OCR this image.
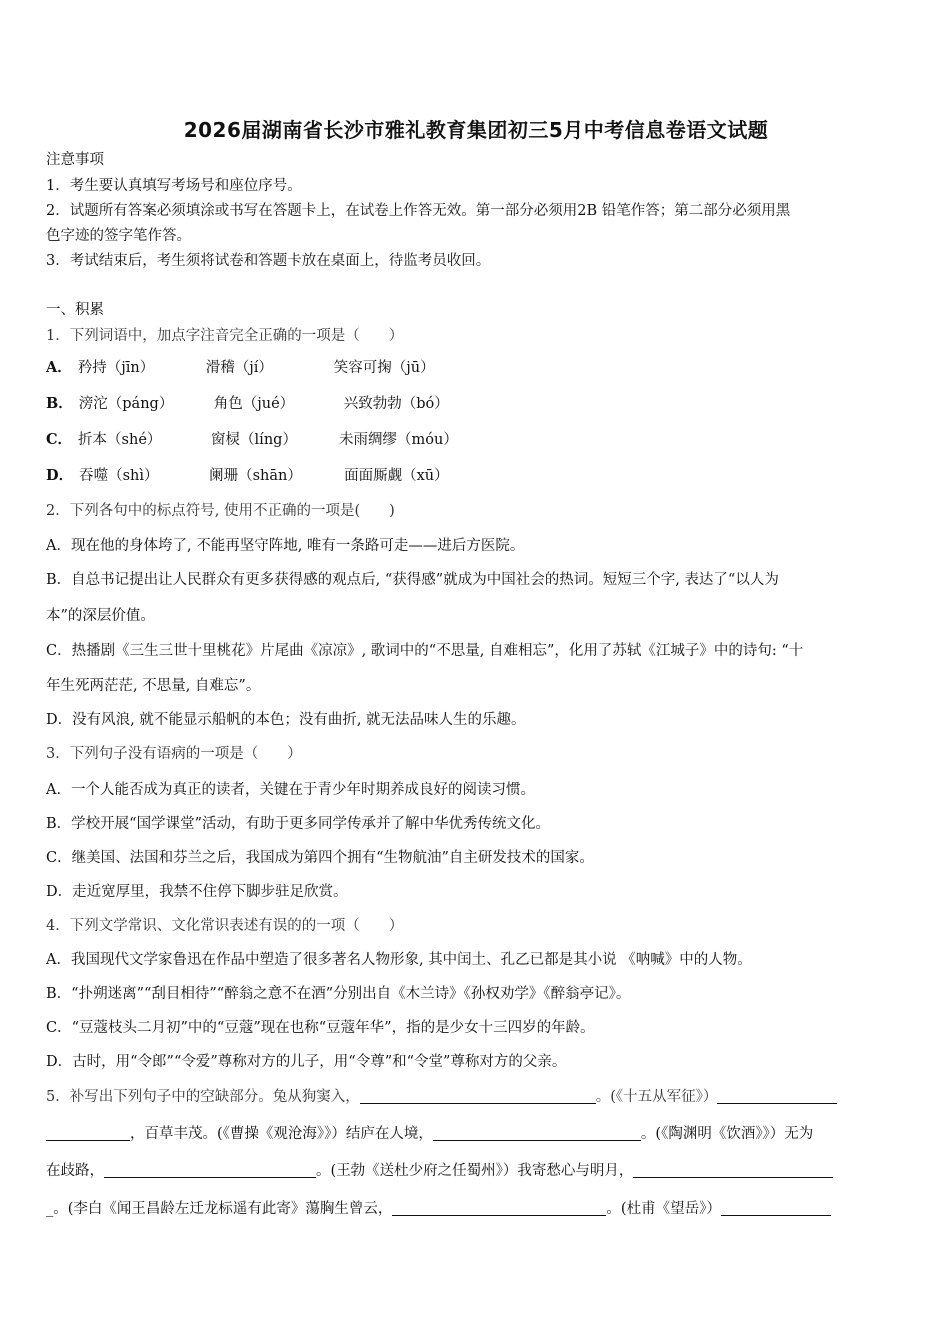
2026届湖南省长沙市雅礼教育集团初三5月中考信息卷语文试题
注意事项
1．考生要认真填写考场号和座位序号。
2．试题所有答案必须填涂或书写在答题卡上，在试卷上作答无效。第一部分必须用2B 铅笔作答；第二部分必须用黑
色字迹的签字笔作答。
3．考试结束后，考生须将试卷和答题卡放在桌面上，待监考员收回。
一、积累
1．下列词语中，加点字注音完全正确的一项是（　　）
A． 矜持（jīn）	滑稽（jí）	笑容可掬（jū）
B． 滂沱（páng）	角色（jué）	兴致勃勃（bó）
C． 折本（shé）	窗棂（líng）	未雨绸缪（móu）
D． 吞噬（shì）	阑珊（shān）	面面厮觑（xū）
2．下列各句中的标点符号, 使用不正确的一项是(　　)
A．现在他的身体垮了, 不能再坚守阵地, 唯有一条路可走——进后方医院。
B．自总书记提出让人民群众有更多获得感的观点后, “获得感”就成为中国社会的热词。短短三个字, 表达了“以人为
本”的深层价值。
C．热播剧《三生三世十里桃花》片尾曲《凉凉》, 歌词中的“不思量, 自难相忘”，化用了苏轼《江城子》中的诗句: “十
年生死两茫茫, 不思量, 自难忘”。
D．没有风浪, 就不能显示船帆的本色；没有曲折, 就无法品味人生的乐趣。
3．下列句子没有语病的一项是（　　）
A．一个人能否成为真正的读者，关键在于青少年时期养成良好的阅读习惯。
B．学校开展“国学课堂”活动，有助于更多同学传承并了解中华优秀传统文化。
C．继美国、法国和芬兰之后，我国成为第四个拥有“生物航油”自主研发技术的国家。
D．走近宽厚里，我禁不住停下脚步驻足欣赏。
4．下列文学常识、文化常识表述有误的的一项（　　）
A．我国现代文学家鲁迅在作品中塑造了很多著名人物形象, 其中闰土、孔乙已都是其小说 《呐喊》中的人物。
B．“扑朔迷离”“刮目相待”“醉翁之意不在酒”分别出自《木兰诗》《孙权劝学》《醉翁亭记》。
C．“豆蔻枝头二月初”中的“豆蔻”现在也称“豆蔻年华”，指的是少女十三四岁的年龄。
D．古时，用“令郎”“令爱”尊称对方的儿子，用“令尊”和“令堂”尊称对方的父亲。
5．补写出下列句子中的空缺部分。兔从狗窦入，	。(《十五从军征》）
，百草丰茂。(《曹操《观沧海》》）结庐在人境，	。(《陶渊明《饮酒》》）无为
在歧路，	。(王勃《送杜少府之任蜀州》）我寄愁心与明月，
_。(李白《闻王昌龄左迁龙标遥有此寄》蕩胸生曾云，	。(杜甫《望岳》）
